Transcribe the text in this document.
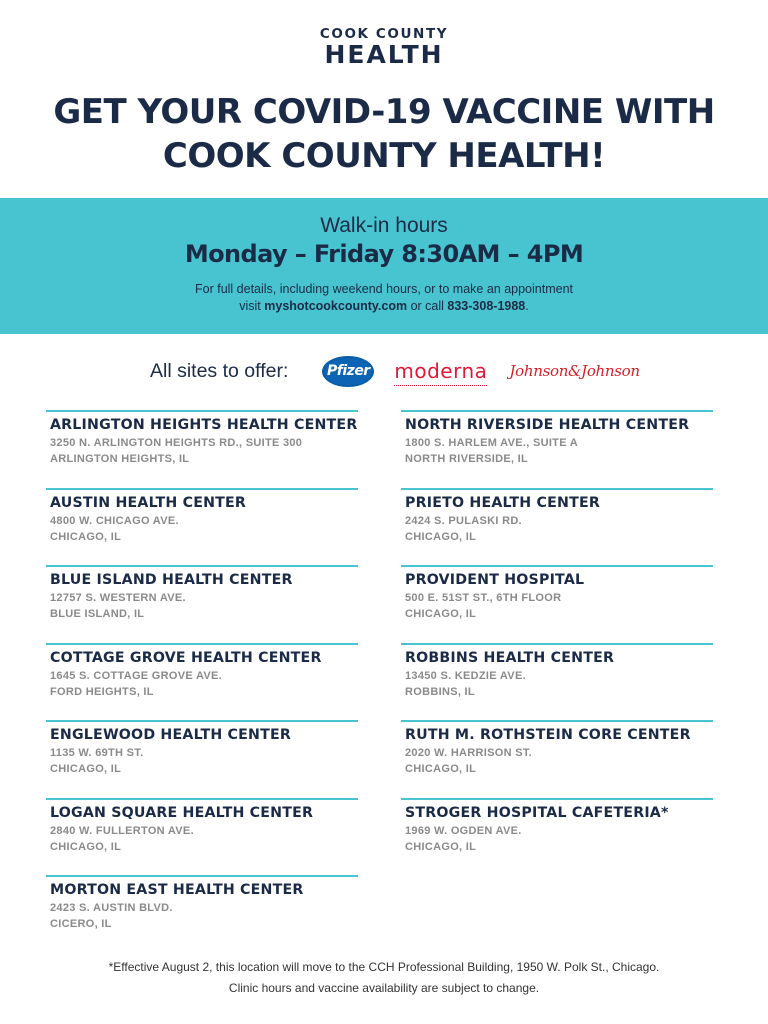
COOK COUNTY
HEALTH
GET YOUR COVID-19 VACCINE WITH
COOK COUNTY HEALTH!
Walk-in hours
Monday – Friday 8:30AM – 4PM
For full details, including weekend hours, or to make an appointment
visit myshotcookcounty.com or call 833-308-1988.
All sites to offer:	Pfizer moderna Johnson&Johnson
ARLINGTON HEIGHTS HEALTH CENTER
3250 N. ARLINGTON HEIGHTS RD., SUITE 300
ARLINGTON HEIGHTS, IL
AUSTIN HEALTH CENTER
4800 W. CHICAGO AVE.
CHICAGO, IL
BLUE ISLAND HEALTH CENTER
12757 S. WESTERN AVE.
BLUE ISLAND, IL
COTTAGE GROVE HEALTH CENTER
1645 S. COTTAGE GROVE AVE.
FORD HEIGHTS, IL
ENGLEWOOD HEALTH CENTER
1135 W. 69TH ST.
CHICAGO, IL
LOGAN SQUARE HEALTH CENTER
2840 W. FULLERTON AVE.
CHICAGO, IL
MORTON EAST HEALTH CENTER
2423 S. AUSTIN BLVD.
CICERO, IL
NORTH RIVERSIDE HEALTH CENTER
1800 S. HARLEM AVE., SUITE A
NORTH RIVERSIDE, IL
PRIETO HEALTH CENTER
2424 S. PULASKI RD.
CHICAGO, IL
PROVIDENT HOSPITAL
500 E. 51ST ST., 6TH FLOOR
CHICAGO, IL
ROBBINS HEALTH CENTER
13450 S. KEDZIE AVE.
ROBBINS, IL
RUTH M. ROTHSTEIN CORE CENTER
2020 W. HARRISON ST.
CHICAGO, IL
STROGER HOSPITAL CAFETERIA*
1969 W. OGDEN AVE.
CHICAGO, IL
*Effective August 2, this location will move to the CCH Professional Building, 1950 W. Polk St., Chicago.
Clinic hours and vaccine availability are subject to change.
